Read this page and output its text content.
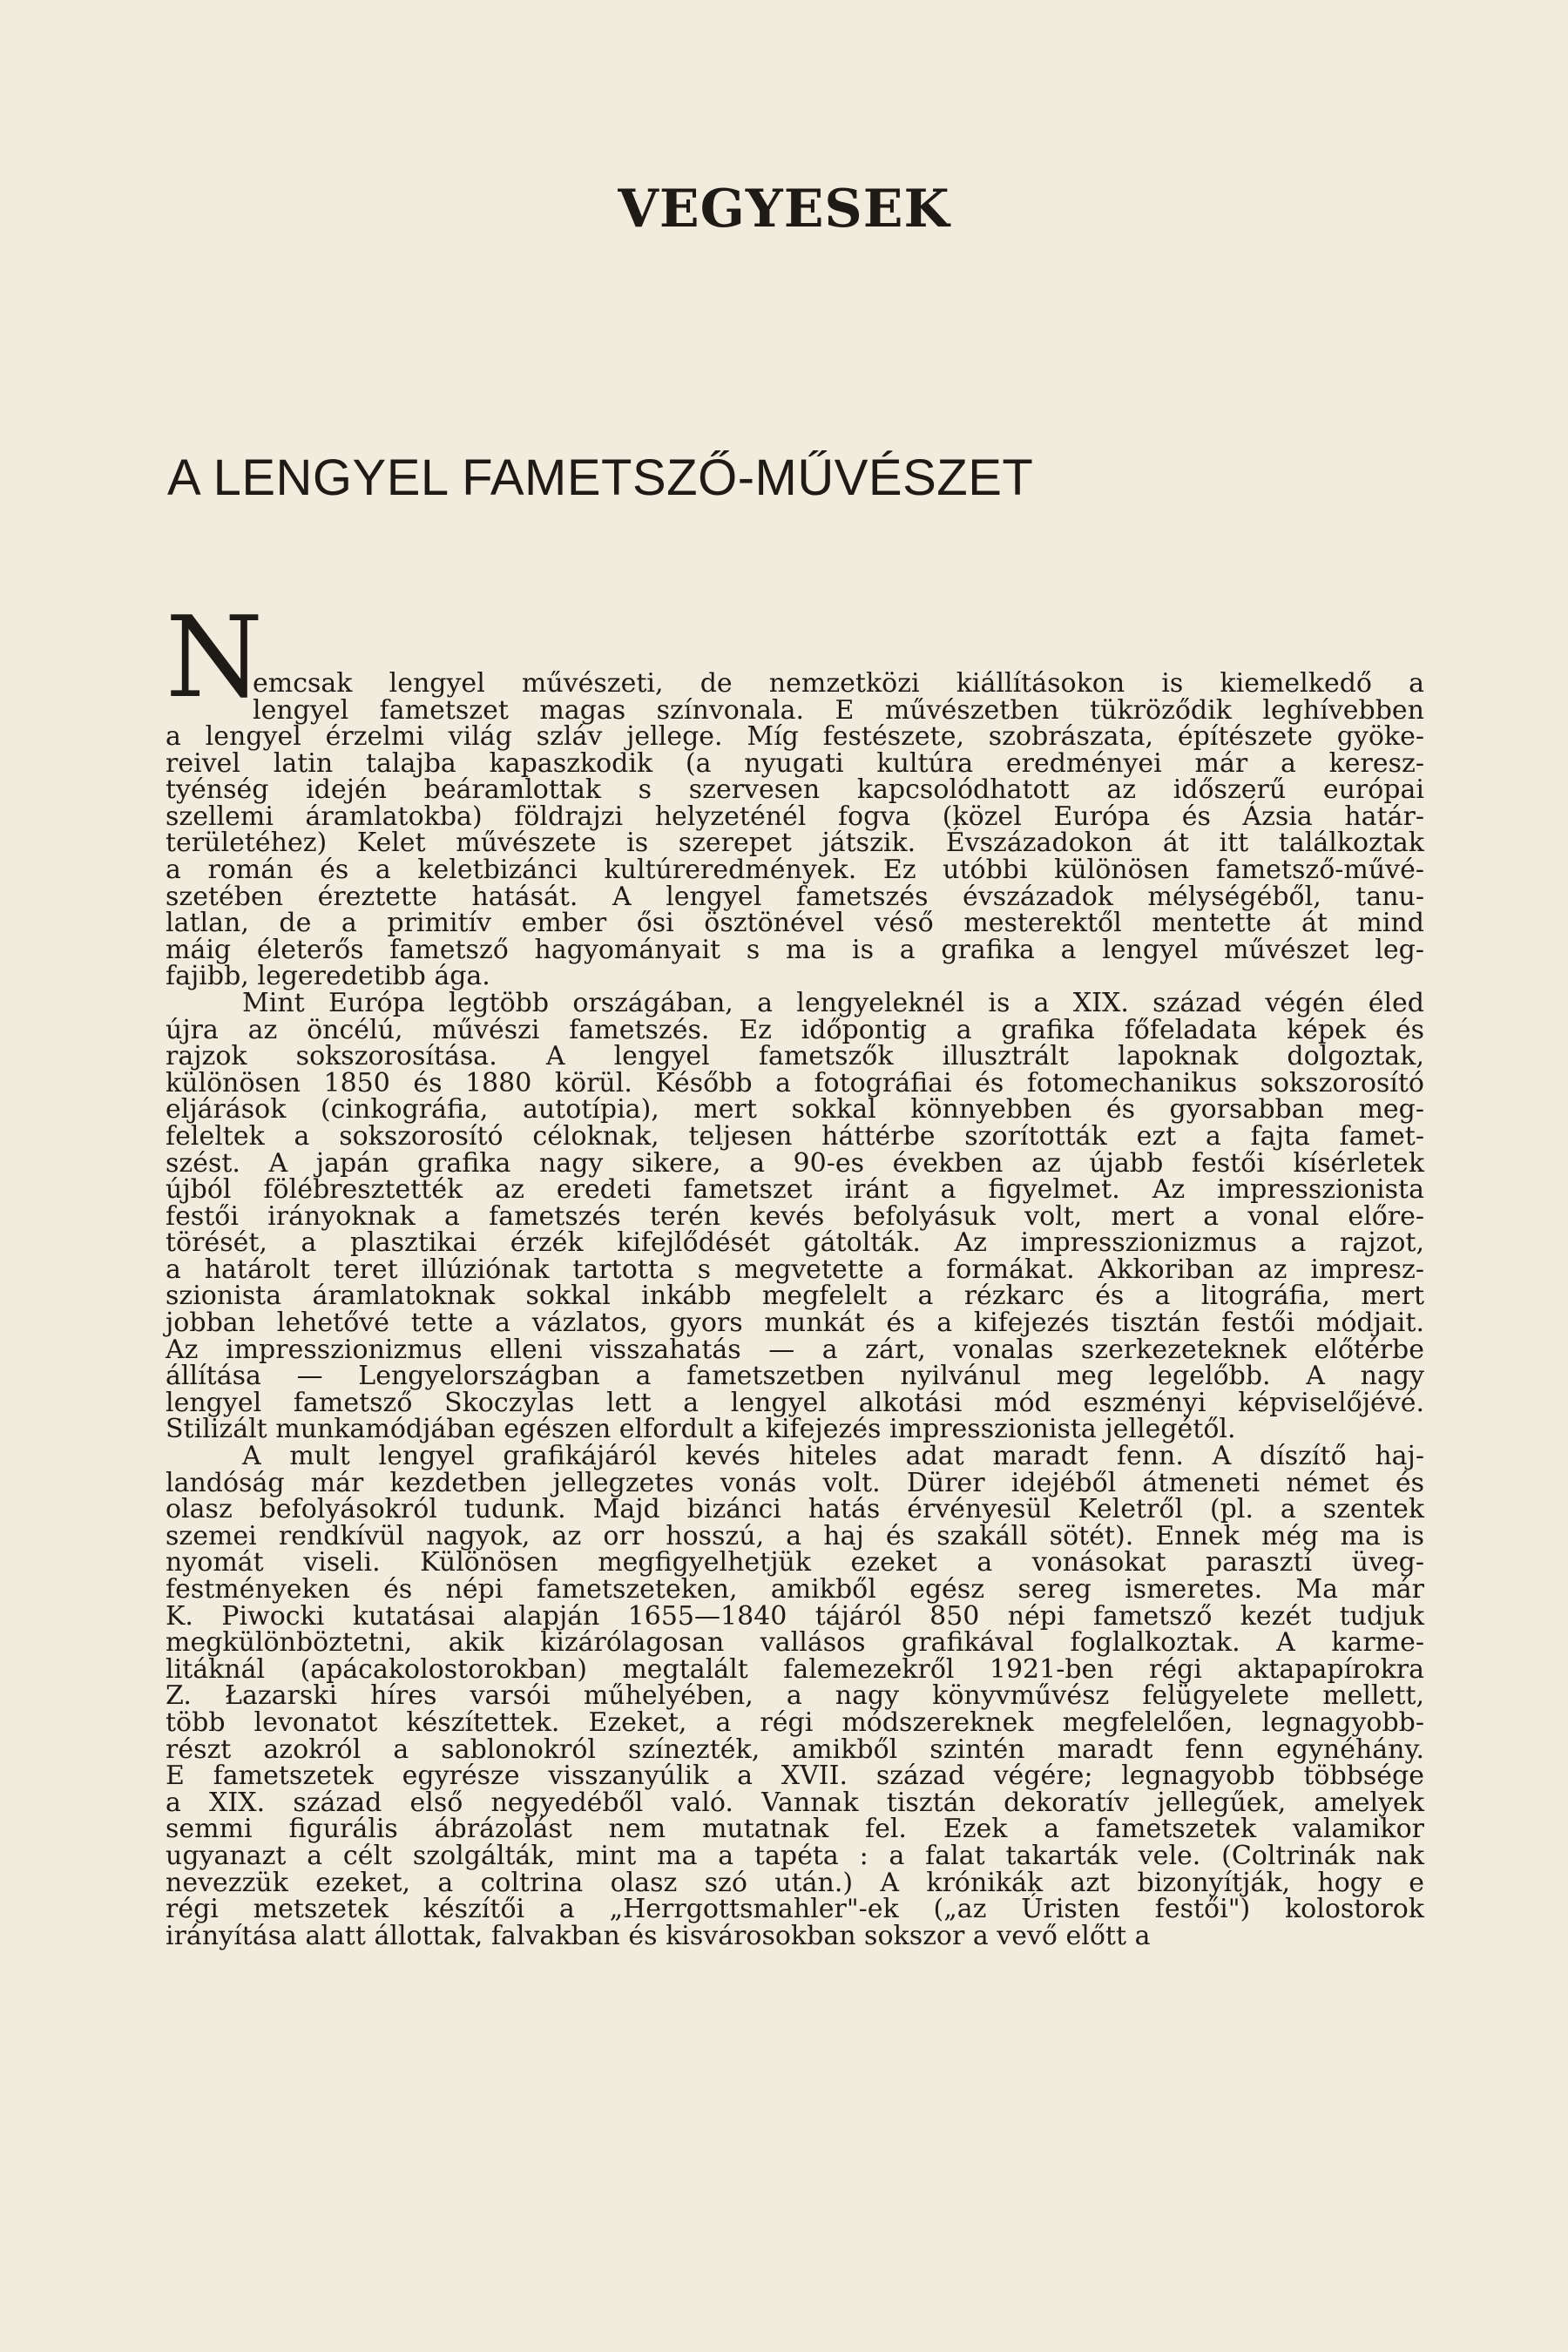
VEGYESEK
A LENGYEL FAMETSZŐ-MŰVÉSZET
N
emcsak lengyel művészeti, de nemzetközi kiállításokon is kiemelkedő a
lengyel fametszet magas színvonala. E művészetben tükröződik leghívebben
a lengyel érzelmi világ szláv jellege. Míg festészete, szobrászata, építészete gyöke-
reivel latin talajba kapaszkodik (a nyugati kultúra eredményei már a keresz-
tyénség idején beáramlottak s szervesen kapcsolódhatott az időszerű európai
szellemi áramlatokba) földrajzi helyzeténél fogva (közel Európa és Ázsia határ-
területéhez) Kelet művészete is szerepet játszik. Évszázadokon át itt találkoztak
a román és a keletbizánci kultúreredmények. Ez utóbbi különösen fametsző-művé-
szetében éreztette hatását. A lengyel fametszés évszázadok mélységéből, tanu-
latlan, de a primitív ember ősi ösztönével véső mesterektől mentette át mind
máig életerős fametsző hagyományait s ma is a grafika a lengyel művészet leg-
fajibb, legeredetibb ága.
Mint Európa legtöbb országában, a lengyeleknél is a XIX. század végén éled
újra az öncélú, művészi fametszés. Ez időpontig a grafika főfeladata képek és
rajzok sokszorosítása. A lengyel fametszők illusztrált lapoknak dolgoztak,
különösen 1850 és 1880 körül. Később a fotográfiai és fotomechanikus sokszorosító
eljárások (cinkográfia, autotípia), mert sokkal könnyebben és gyorsabban meg-
feleltek a sokszorosító céloknak, teljesen háttérbe szorították ezt a fajta famet-
szést. A japán grafika nagy sikere, a 90-es években az újabb festői kísérletek
újból fölébresztették az eredeti fametszet iránt a figyelmet. Az impresszionista
festői irányoknak a fametszés terén kevés befolyásuk volt, mert a vonal előre-
törését, a plasztikai érzék kifejlődését gátolták. Az impresszionizmus a rajzot,
a határolt teret illúziónak tartotta s megvetette a formákat. Akkoriban az impresz-
szionista áramlatoknak sokkal inkább megfelelt a rézkarc és a litográfia, mert
jobban lehetővé tette a vázlatos, gyors munkát és a kifejezés tisztán festői módjait.
Az impresszionizmus elleni visszahatás — a zárt, vonalas szerkezeteknek előtérbe
állítása — Lengyelországban a fametszetben nyilvánul meg legelőbb. A nagy
lengyel fametsző Skoczylas lett a lengyel alkotási mód eszményi képviselőjévé.
Stilizált munkamódjában egészen elfordult a kifejezés impresszionista jellegétől.
A mult lengyel grafikájáról kevés hiteles adat maradt fenn. A díszítő haj-
landóság már kezdetben jellegzetes vonás volt. Dürer idejéből átmeneti német és
olasz befolyásokról tudunk. Majd bizánci hatás érvényesül Keletről (pl. a szentek
szemei rendkívül nagyok, az orr hosszú, a haj és szakáll sötét). Ennek még ma is
nyomát viseli. Különösen megfigyelhetjük ezeket a vonásokat parasztí üveg-
festményeken és népi fametszeteken, amikből egész sereg ismeretes. Ma már
K. Piwocki kutatásai alapján 1655—1840 tájáról 850 népi fametsző kezét tudjuk
megkülönböztetni, akik kizárólagosan vallásos grafikával foglalkoztak. A karme-
litáknál (apácakolostorokban) megtalált falemezekről 1921-ben régi aktapapírokra
Z. Łazarski híres varsói műhelyében, a nagy könyvművész felügyelete mellett,
több levonatot készítettek. Ezeket, a régi módszereknek megfelelően, legnagyobb-
részt azokról a sablonokról színezték, amikből szintén maradt fenn egynéhány.
E fametszetek egyrésze visszanyúlik a XVII. század végére; legnagyobb többsége
a XIX. század első negyedéből való. Vannak tisztán dekoratív jellegűek, amelyek
semmi figurális ábrázolást nem mutatnak fel. Ezek a fametszetek valamikor
ugyanazt a célt szolgálták, mint ma a tapéta : a falat takarták vele. (Coltrinák nak
nevezzük ezeket, a coltrina olasz szó után.) A krónikák azt bizonyítják, hogy e
régi metszetek készítői a „Herrgottsmahler"-ek („az Úristen festői") kolostorok
irányítása alatt állottak, falvakban és kisvárosokban sokszor a vevő előtt a
